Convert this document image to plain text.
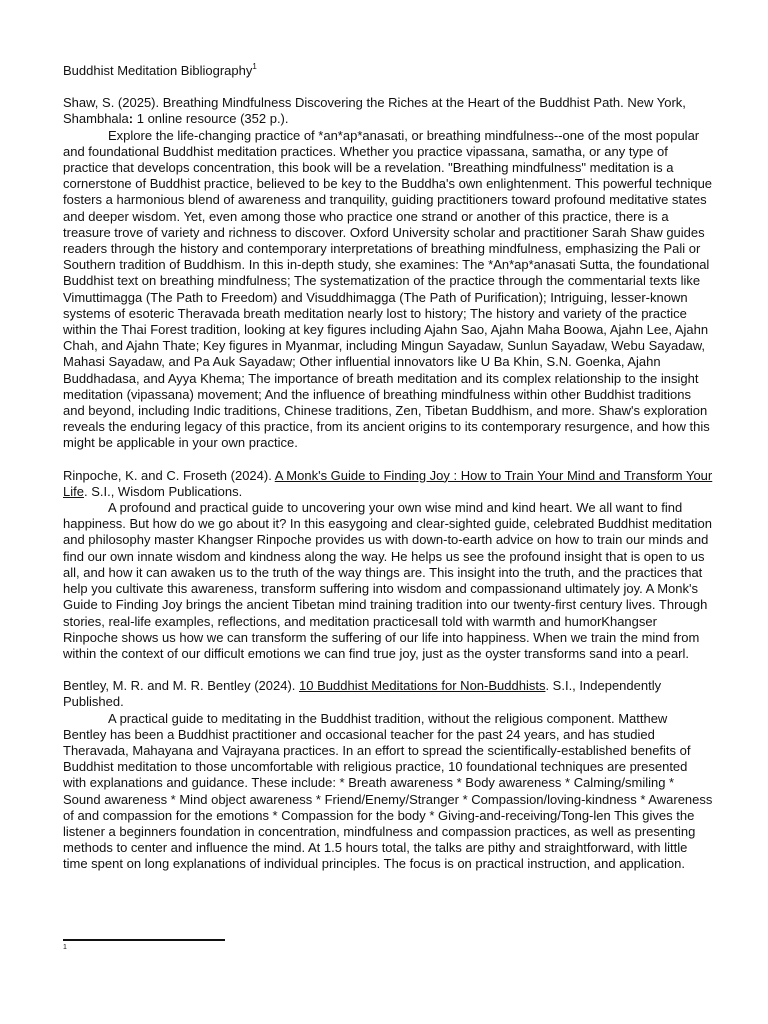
Buddhist Meditation Bibliography$^1$

Shaw, S. (2025). Breathing Mindfulness Discovering the Riches at the Heart of the Buddhist Path. New York, Shambhala: 1 online resource (352 p.).

Explore the life-changing practice of *an*ap*anasati, or breathing mindfulness--one of the most popular and foundational Buddhist meditation practices. Whether you practice vipassana, samatha, or any type of practice that develops concentration, this book will be a revelation. "Breathing mindfulness" meditation is a cornerstone of Buddhist practice, believed to be key to the Buddha's own enlightenment. This powerful technique fosters a harmonious blend of awareness and tranquility, guiding practitioners toward profound meditative states and deeper wisdom. Yet, even among those who practice one strand or another of this practice, there is a treasure trove of variety and richness to discover. Oxford University scholar and practitioner Sarah Shaw guides readers through the history and contemporary interpretations of breathing mindfulness, emphasizing the Pali or Southern tradition of Buddhism. In this in-depth study, she examines: The *An*ap*anasati Sutta, the foundational Buddhist text on breathing mindfulness; The systematization of the practice through the commentarial texts like Vimuttimagga (The Path to Freedom) and Visuddhimagga (The Path of Purification); Intriguing, lesser-known systems of esoteric Theravada breath meditation nearly lost to history; The history and variety of the practice within the Thai Forest tradition, looking at key figures including Ajahn Sao, Ajahn Maha Boowa, Ajahn Lee, Ajahn Chah, and Ajahn Thate; Key figures in Myanmar, including Mingun Sayadaw, Sunlun Sayadaw, Webu Sayadaw, Mahasi Sayadaw, and Pa Auk Sayadaw; Other influential innovators like U Ba Khin, S.N. Goenka, Ajahn Buddhadasa, and Ayya Khema; The importance of breath meditation and its complex relationship to the insight meditation (vipassana) movement; And the influence of breathing mindfulness within other Buddhist traditions and beyond, including Indic traditions, Chinese traditions, Zen, Tibetan Buddhism, and more. Shaw's exploration reveals the enduring legacy of this practice, from its ancient origins to its contemporary resurgence, and how this might be applicable in your own practice.

Rinpoche, K. and C. Froseth (2024). A Monk's Guide to Finding Joy : How to Train Your Mind and Transform Your Life. S.I., Wisdom Publications.

A profound and practical guide to uncovering your own wise mind and kind heart. We all want to find happiness. But how do we go about it? In this easygoing and clear-sighted guide, celebrated Buddhist meditation and philosophy master Khangser Rinpoche provides us with down-to-earth advice on how to train our minds and find our own innate wisdom and kindness along the way. He helps us see the profound insight that is open to us all, and how it can awaken us to the truth of the way things are. This insight into the truth, and the practices that help you cultivate this awareness, transform suffering into wisdom and compassionand ultimately joy. A Monk's Guide to Finding Joy brings the ancient Tibetan mind training tradition into our twenty-first century lives. Through stories, real-life examples, reflections, and meditation practicesall told with warmth and humorKhangser Rinpoche shows us how we can transform the suffering of our life into happiness. When we train the mind from within the context of our difficult emotions we can find true joy, just as the oyster transforms sand into a pearl.

Bentley, M. R. and M. R. Bentley (2024). 10 Buddhist Meditations for Non-Buddhists. S.I., Independently Published.

A practical guide to meditating in the Buddhist tradition, without the religious component. Matthew Bentley has been a Buddhist practitioner and occasional teacher for the past 24 years, and has studied Theravada, Mahayana and Vajrayana practices. In an effort to spread the scientifically-established benefits of Buddhist meditation to those uncomfortable with religious practice, 10 foundational techniques are presented with explanations and guidance. These include: * Breath awareness * Body awareness * Calming/smiling * Sound awareness * Mind object awareness * Friend/Enemy/Stranger * Compassion/loving-kindness * Awareness of and compassion for the emotions * Compassion for the body * Giving-and-receiving/Tong-len This gives the listener a beginners foundation in concentration, mindfulness and compassion practices, as well as presenting methods to center and influence the mind. At 1.5 hours total, the talks are pithy and straightforward, with little time spent on long explanations of individual principles. The focus is on practical instruction, and application.

1
